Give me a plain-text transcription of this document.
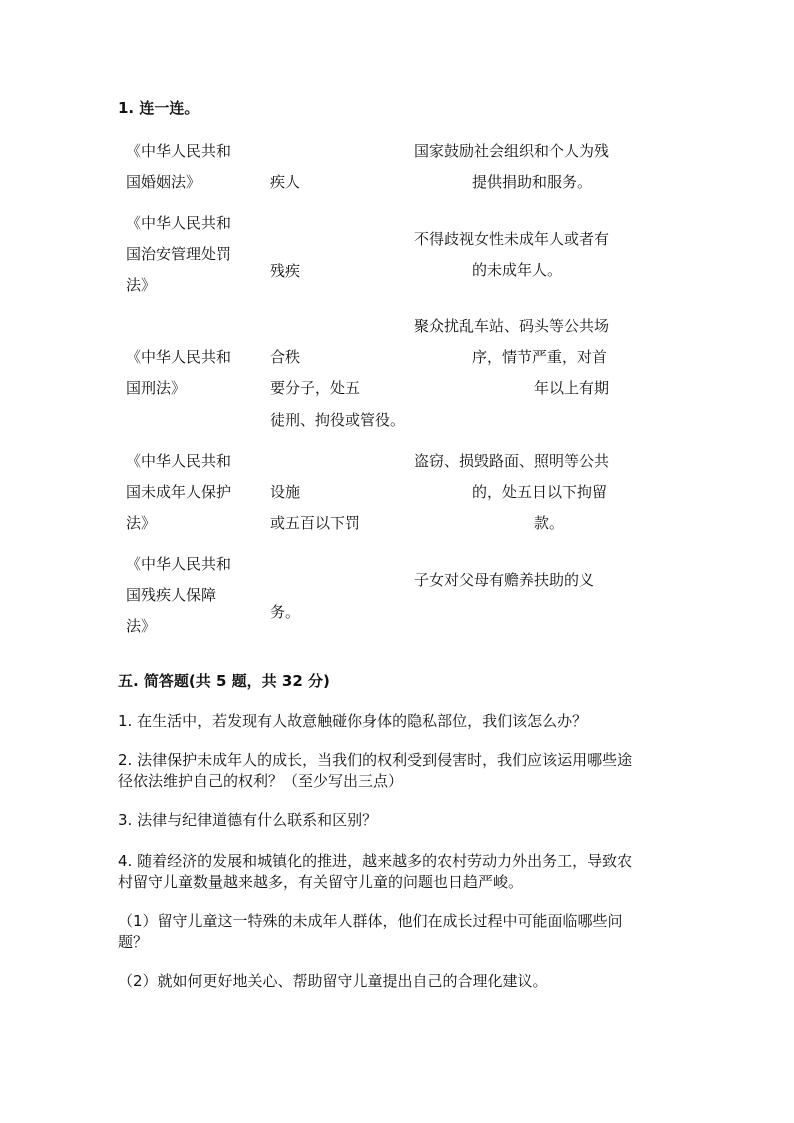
1. 连一连。
《中华人民共和
国婚姻法》
《中华人民共和
国治安管理处罚
法》
《中华人民共和
国刑法》
《中华人民共和
国未成年人保护
法》
《中华人民共和
国残疾人保障
法》
疾人
残疾
合秩
要分子，处五
徒刑、拘役或管役。
设施
或五百以下罚
务。
国家鼓励社会组织和个人为残
提供捐助和服务。
不得歧视女性未成年人或者有
的未成年人。
聚众扰乱车站、码头等公共场
序，情节严重，对首
年以上有期
盗窃、损毁路面、照明等公共
的，处五日以下拘留
款。
子女对父母有赡养扶助的义
五. 简答题(共 5 题，共 32 分)
1. 在生活中，若发现有人故意触碰你身体的隐私部位，我们该怎么办？
2. 法律保护未成年人的成长，当我们的权利受到侵害时，我们应该运用哪些途
径依法维护自己的权利？（至少写出三点）
3. 法律与纪律道德有什么联系和区别？
4. 随着经济的发展和城镇化的推进，越来越多的农村劳动力外出务工，导致农
村留守儿童数量越来越多，有关留守儿童的问题也日趋严峻。
（1）留守儿童这一特殊的未成年人群体，他们在成长过程中可能面临哪些问
题？
（2）就如何更好地关心、帮助留守儿童提出自己的合理化建议。
